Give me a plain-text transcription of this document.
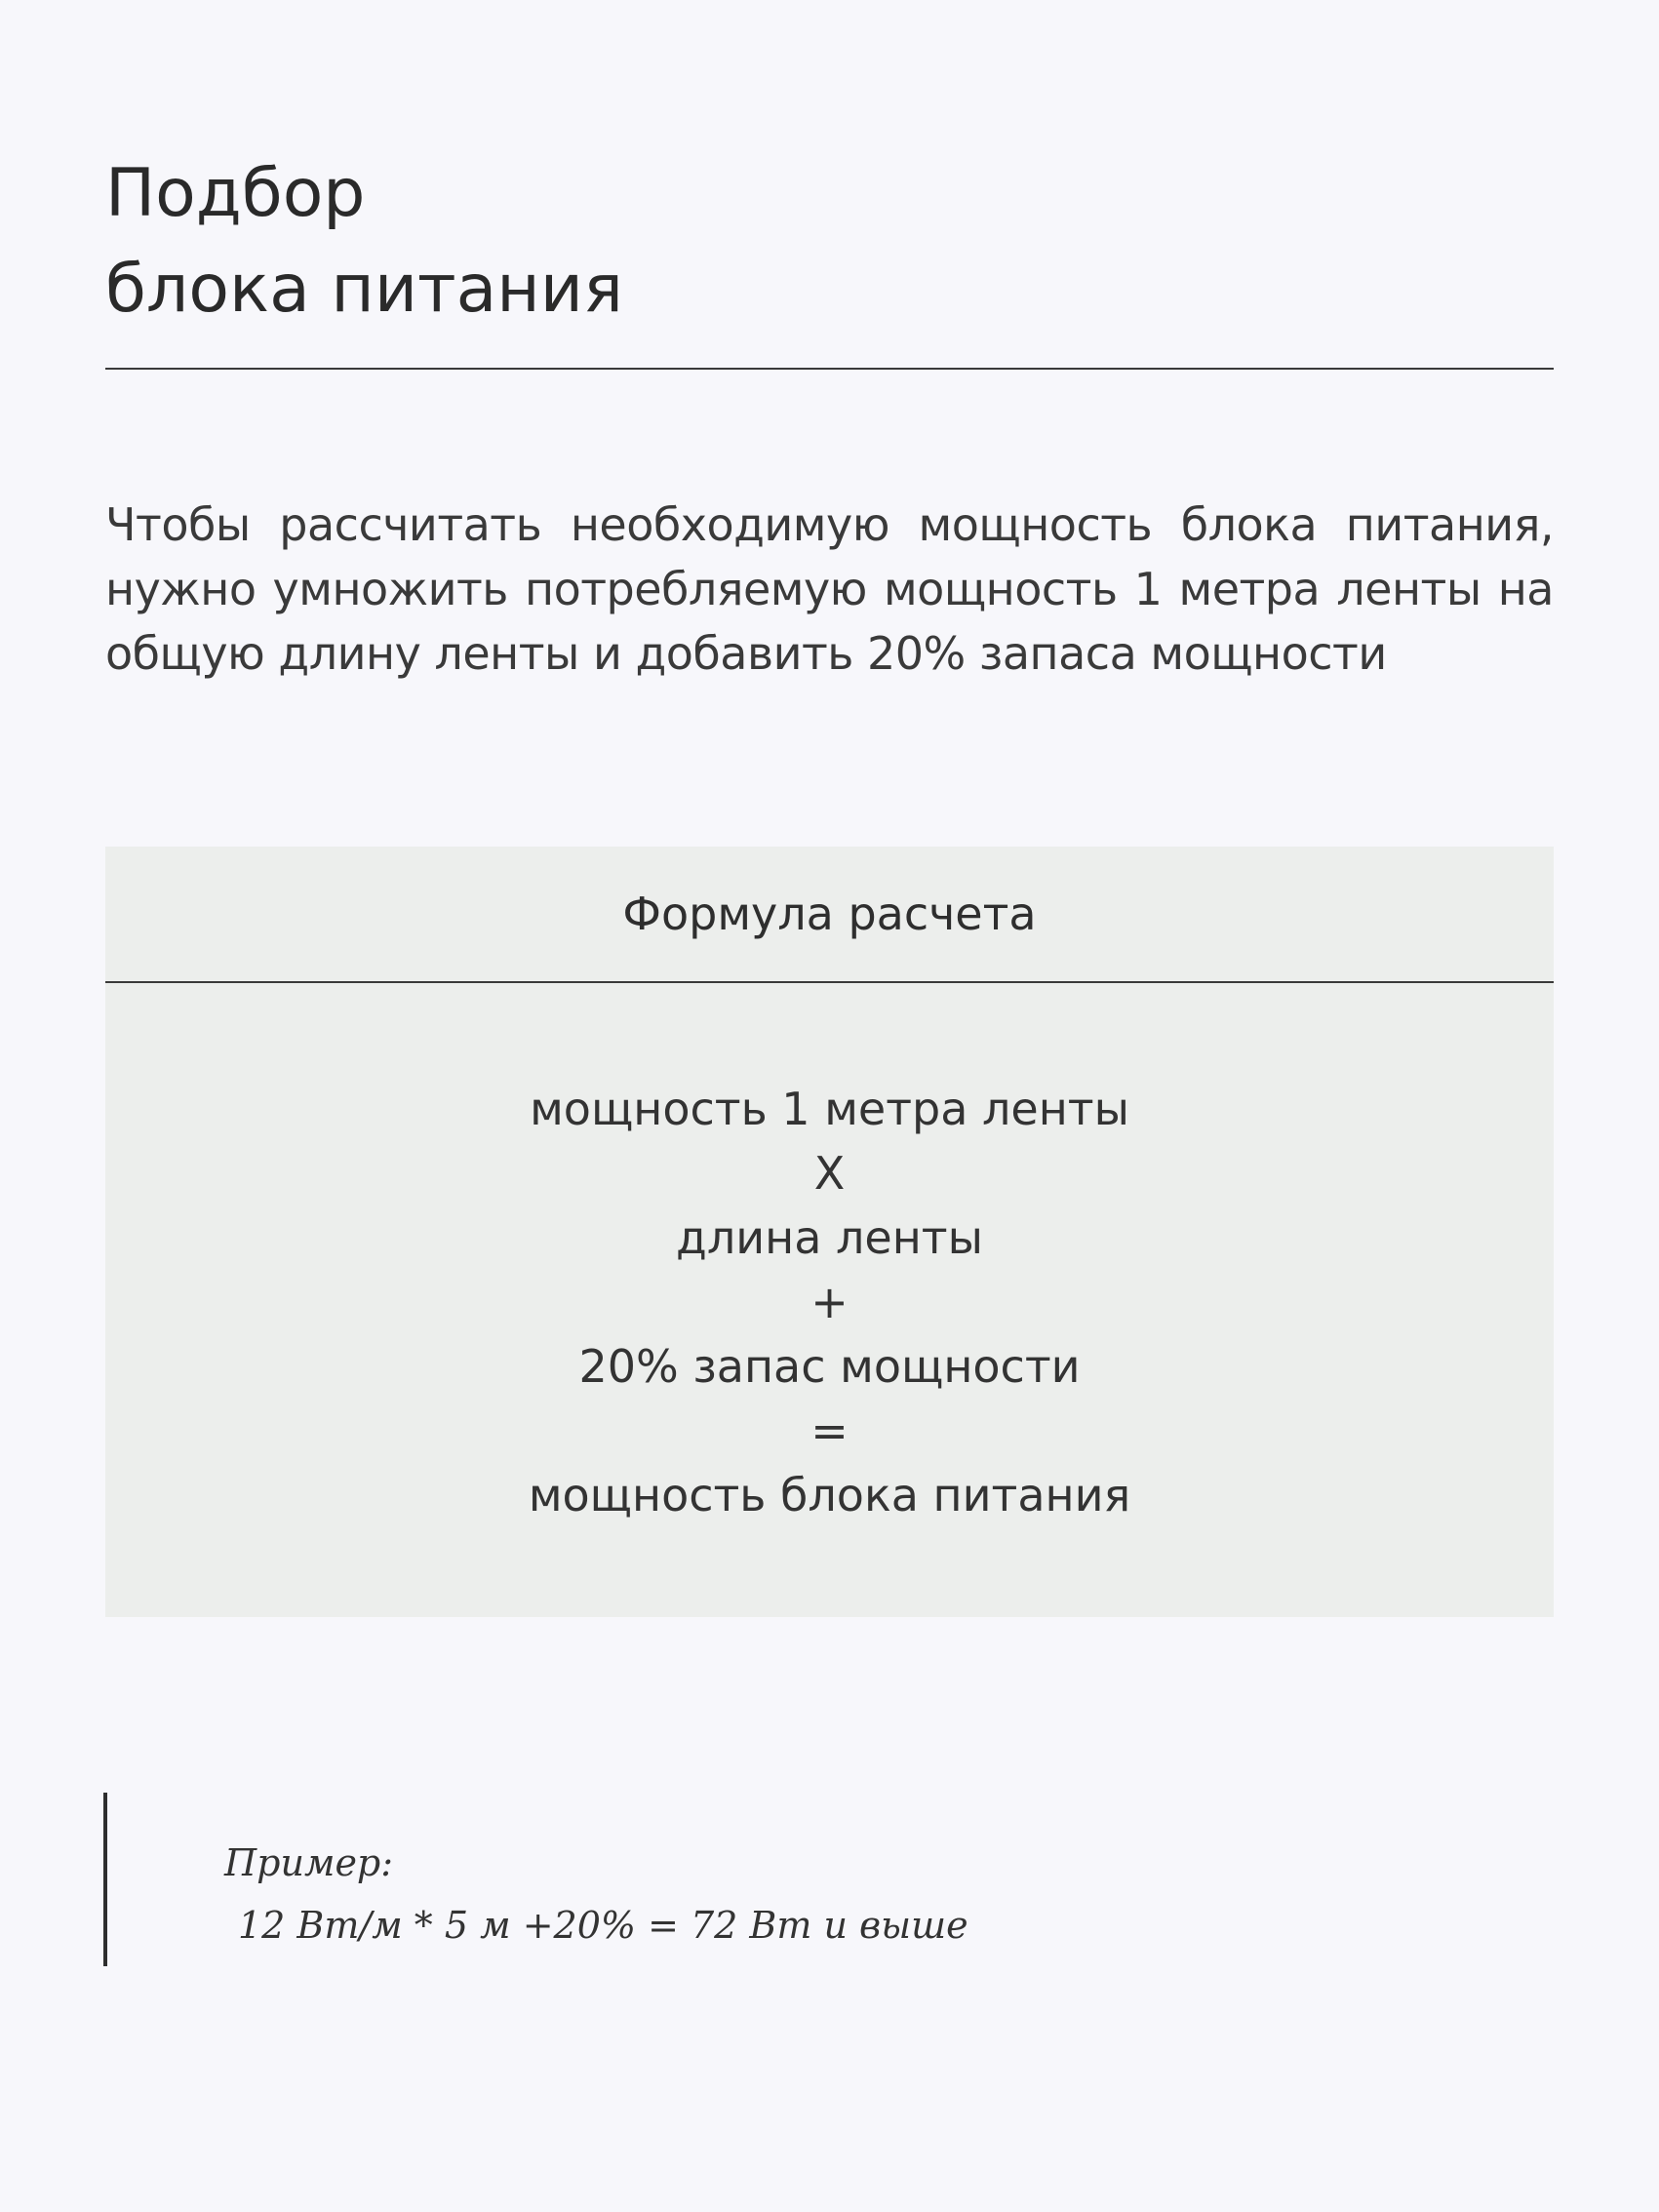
Подбор
блока питания

Чтобы рассчитать необходимую мощность блока питания, нужно умножить потребляемую мощность 1 метра ленты на общую длину ленты и добавить 20% запаса мощности

Формула расчета
мощность 1 метра ленты
Х
длина ленты
+
20% запас мощности
=
мощность блока питания
Пример:
12 Вт/м * 5 м +20% = 72 Вт и выше
